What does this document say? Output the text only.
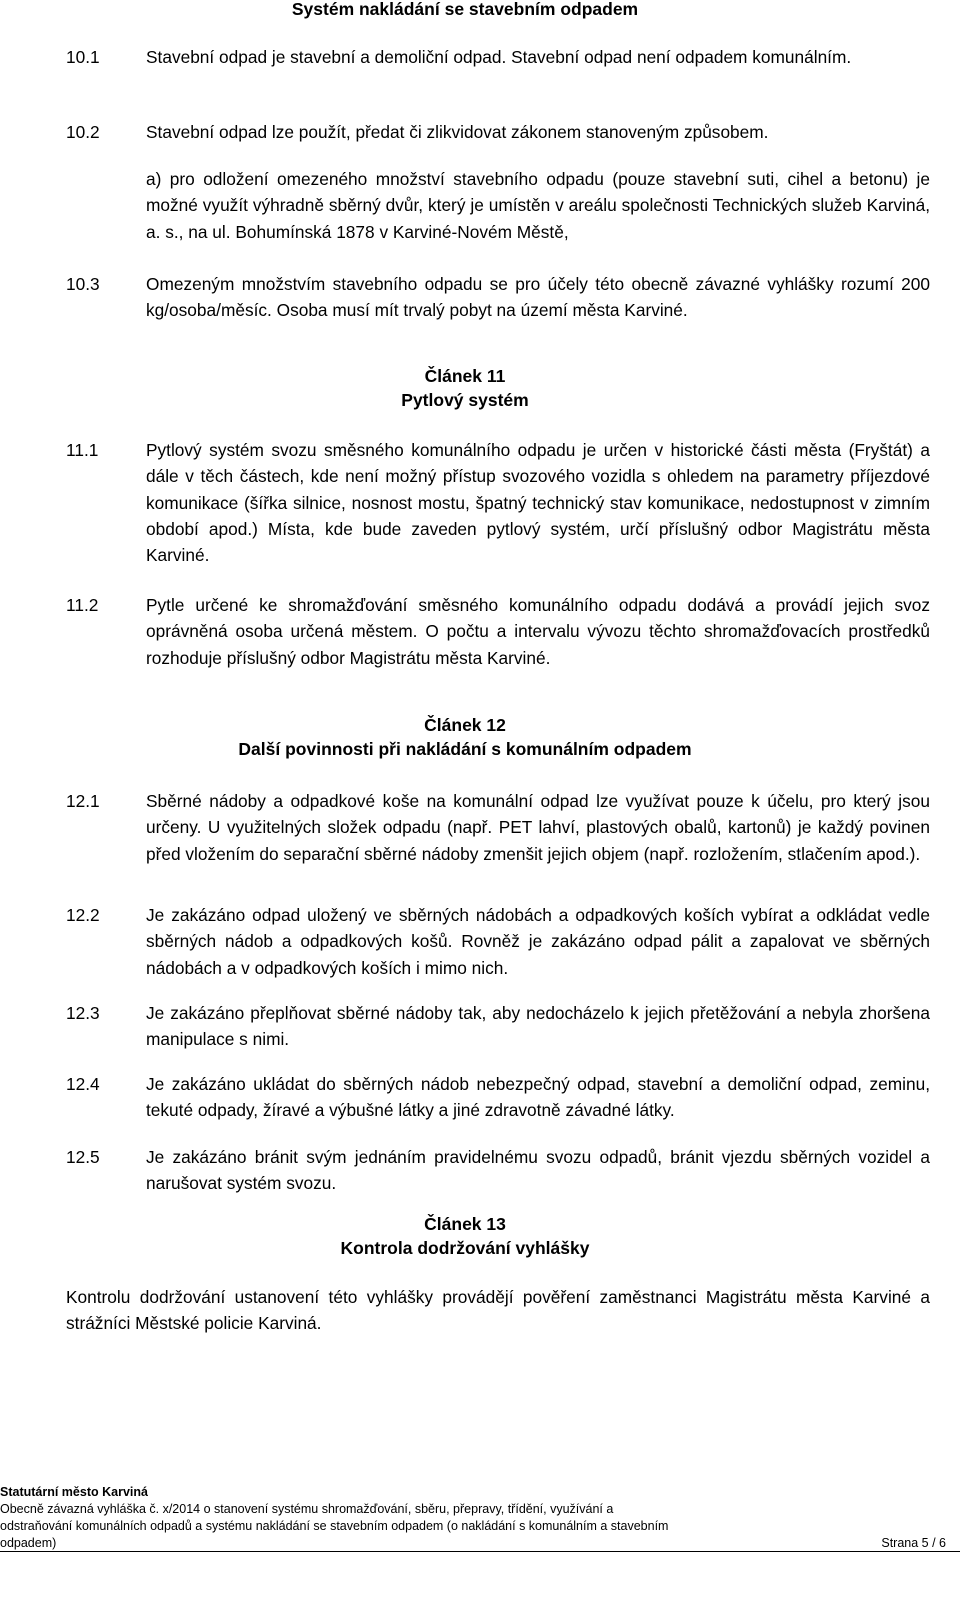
Systém nakládání se stavebním odpadem
10.1	Stavební odpad je stavební a demoliční odpad. Stavební odpad není odpadem komunálním.
10.2	Stavební odpad lze použít, předat či zlikvidovat zákonem stanoveným způsobem.
a) pro odložení omezeného množství stavebního odpadu (pouze stavební suti, cihel a betonu) je možné využít výhradně sběrný dvůr, který je umístěn v areálu společnosti Technických služeb Karviná, a. s., na ul. Bohumínská 1878 v Karviné-Novém Městě,
10.3	Omezeným množstvím stavebního odpadu se pro účely této obecně závazné vyhlášky rozumí 200 kg/osoba/měsíc. Osoba musí mít trvalý pobyt na území města Karviné.
Článek 11
Pytlový systém
11.1	Pytlový systém svozu směsného komunálního odpadu je určen v historické části města (Fryštát) a dále v těch částech, kde není možný přístup svozového vozidla s ohledem na parametry příjezdové komunikace (šířka silnice, nosnost mostu, špatný technický stav komunikace, nedostupnost v zimním období apod.) Místa, kde bude zaveden pytlový systém, určí příslušný odbor Magistrátu města Karviné.
11.2	Pytle určené ke shromažďování směsného komunálního odpadu dodává a provádí jejich svoz oprávněná osoba určená městem. O počtu a intervalu vývozu těchto shromažďovacích prostředků rozhoduje příslušný odbor Magistrátu města Karviné.
Článek 12
Další povinnosti při nakládání s komunálním odpadem
12.1	Sběrné nádoby a odpadkové koše na komunální odpad lze využívat pouze k účelu, pro který jsou určeny. U využitelných složek odpadu (např. PET lahví, plastových obalů, kartonů) je každý povinen před vložením do separační sběrné nádoby zmenšit jejich objem (např. rozložením, stlačením apod.).
12.2	Je zakázáno odpad uložený ve sběrných nádobách a odpadkových koších vybírat a odkládat vedle sběrných nádob a odpadkových košů. Rovněž je zakázáno odpad pálit a zapalovat ve sběrných nádobách a v odpadkových koších i mimo nich.
12.3	Je zakázáno přeplňovat sběrné nádoby tak, aby nedocházelo k jejich přetěžování a nebyla zhoršena manipulace s nimi.
12.4	Je zakázáno ukládat do sběrných nádob nebezpečný odpad, stavební a demoliční odpad, zeminu, tekuté odpady, žíravé a výbušné látky a jiné zdravotně závadné látky.
12.5	Je zakázáno bránit svým jednáním pravidelnému svozu odpadů, bránit vjezdu sběrných vozidel a narušovat systém svozu.
Článek 13
Kontrola dodržování vyhlášky
Kontrolu dodržování ustanovení této vyhlášky provádějí pověření zaměstnanci Magistrátu města Karviné a strážníci Městské policie Karviná.
Statutární město Karviná
Obecně závazná vyhláška č. x/2014 o stanovení systému shromažďování, sběru, přepravy, třídění, využívání a
odstraňování komunálních odpadů a systému nakládání se stavebním odpadem (o nakládání s komunálním a stavebním
odpadem)	Strana 5 / 6
